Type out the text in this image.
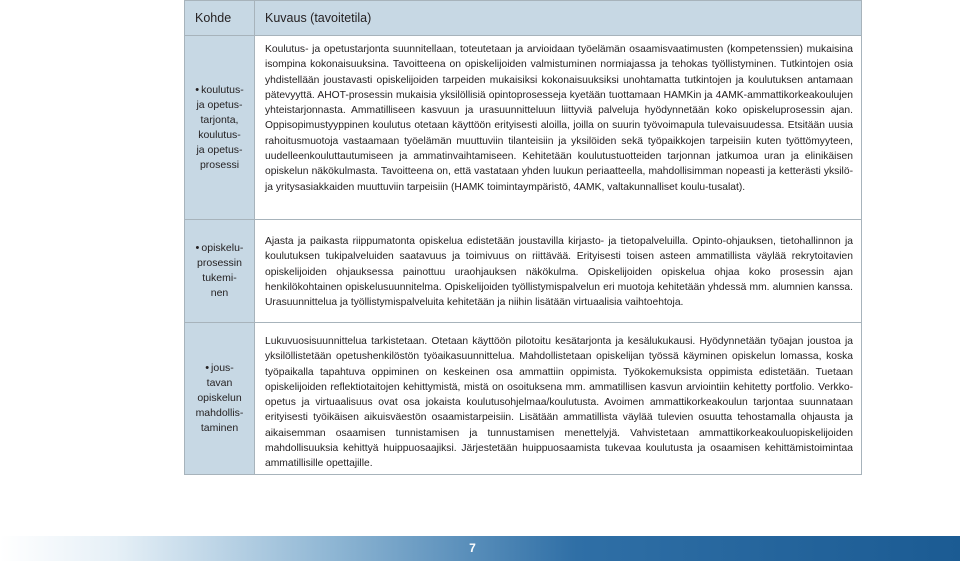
Kohde	Kuvaus (tavoitetila)
• koulutus-
ja opetus-
tarjonta,
koulutus-
ja opetus-
prosessi
Koulutus- ja opetustarjonta suunnitellaan, toteutetaan ja arvioidaan työelämän osaamisvaatimusten (kompetenssien) mukaisina isompina kokonaisuuksina. Tavoitteena on opiskelijoiden valmistuminen normiajassa ja tehokas työllistyminen. Tutkintojen osia yhdistellään joustavasti opiskelijoiden tarpeiden mukaisiksi kokonaisuuksiksi unohtamatta tutkintojen ja koulutuksen antamaan pätevyyttä. AHOT-prosessin mukaisia yksilöllisiä opintoprosesseja kyetään tuottamaan HAMKin ja 4AMK-ammattikorkeakoulujen yhteistarjonnasta. Ammatilliseen kasvuun ja urasuunnitteluun liittyviä palveluja hyödynnetään koko opiskeluprosessin ajan. Oppisopimustyyppinen koulutus otetaan käyttöön erityisesti aloilla, joilla on suurin työvoimapula tulevaisuudessa. Etsitään uusia rahoitusmuotoja vastaamaan työelämän muuttuviin tilanteisiin ja yksilöiden sekä työpaikkojen tarpeisiin kuten työttömyyteen, uudelleenkouluttautumiseen ja ammatinvaihtamiseen. Kehitetään koulutustuotteiden tarjonnan jatkumoa uran ja elinikäisen opiskelun näkökulmasta. Tavoitteena on, että vastataan yhden luukun periaatteella, mahdollisimman nopeasti ja ketterästi yksilö- ja yritysasiakkaiden muuttuviin tarpeisiin (HAMK toimintaympäristö, 4AMK, valtakunnalliset koulu-tusalat).
• opiskelu-
prosessin
tukemi-
nen
Ajasta ja paikasta riippumatonta opiskelua edistetään joustavilla kirjasto- ja tietopalveluilla. Opinto-ohjauksen, tietohallinnon ja koulutuksen tukipalveluiden saatavuus ja toimivuus on riittävää. Erityisesti toisen asteen ammatillista väylää rekrytoitavien opiskelijoiden ohjauksessa painottuu uraohjauksen näkökulma. Opiskelijoiden opiskelua ohjaa koko prosessin ajan henkilökohtainen opiskelusuunnitelma. Opiskelijoiden työllistymispalvelun eri muotoja kehitetään yhdessä mm. alumnien kanssa. Urasuunnittelua ja työllistymispalveluita kehitetään ja niihin lisätään virtuaalisia vaihtoehtoja.
• jous-
tavan
opiskelun
mahdollis-
taminen
Lukuvuosisuunnittelua tarkistetaan. Otetaan käyttöön pilotoitu kesätarjonta ja kesälukukausi. Hyödynnetään työajan joustoa ja yksilöllistetään opetushenkilöstön työaikasuunnittelua. Mahdollistetaan opiskelijan työssä käyminen opiskelun lomassa, koska työpaikalla tapahtuva oppiminen on keskeinen osa ammattiin oppimista. Työkokemuksista oppimista edistetään. Tuetaan opiskelijoiden reflektiotaitojen kehittymistä, mistä on osoituksena mm. ammatillisen kasvun arviointiin kehitetty portfolio. Verkko-opetus ja virtuaalisuus ovat osa jokaista koulutusohjelmaa/koulutusta. Avoimen ammattikorkeakoulun tarjontaa suunnataan erityisesti työikäisen aikuisväestön osaamistarpeisiin. Lisätään ammatillista väylää tulevien osuutta tehostamalla ohjausta ja aikaisemman osaamisen tunnistamisen ja tunnustamisen menettelyjä. Vahvistetaan ammattikorkeakouluopiskelijoiden mahdollisuuksia kehittyä huippuosaajiksi. Järjestetään huippuosaamista tukevaa koulutusta ja osaamisen kehittämistoimintaa ammatillisille opettajille.
7
